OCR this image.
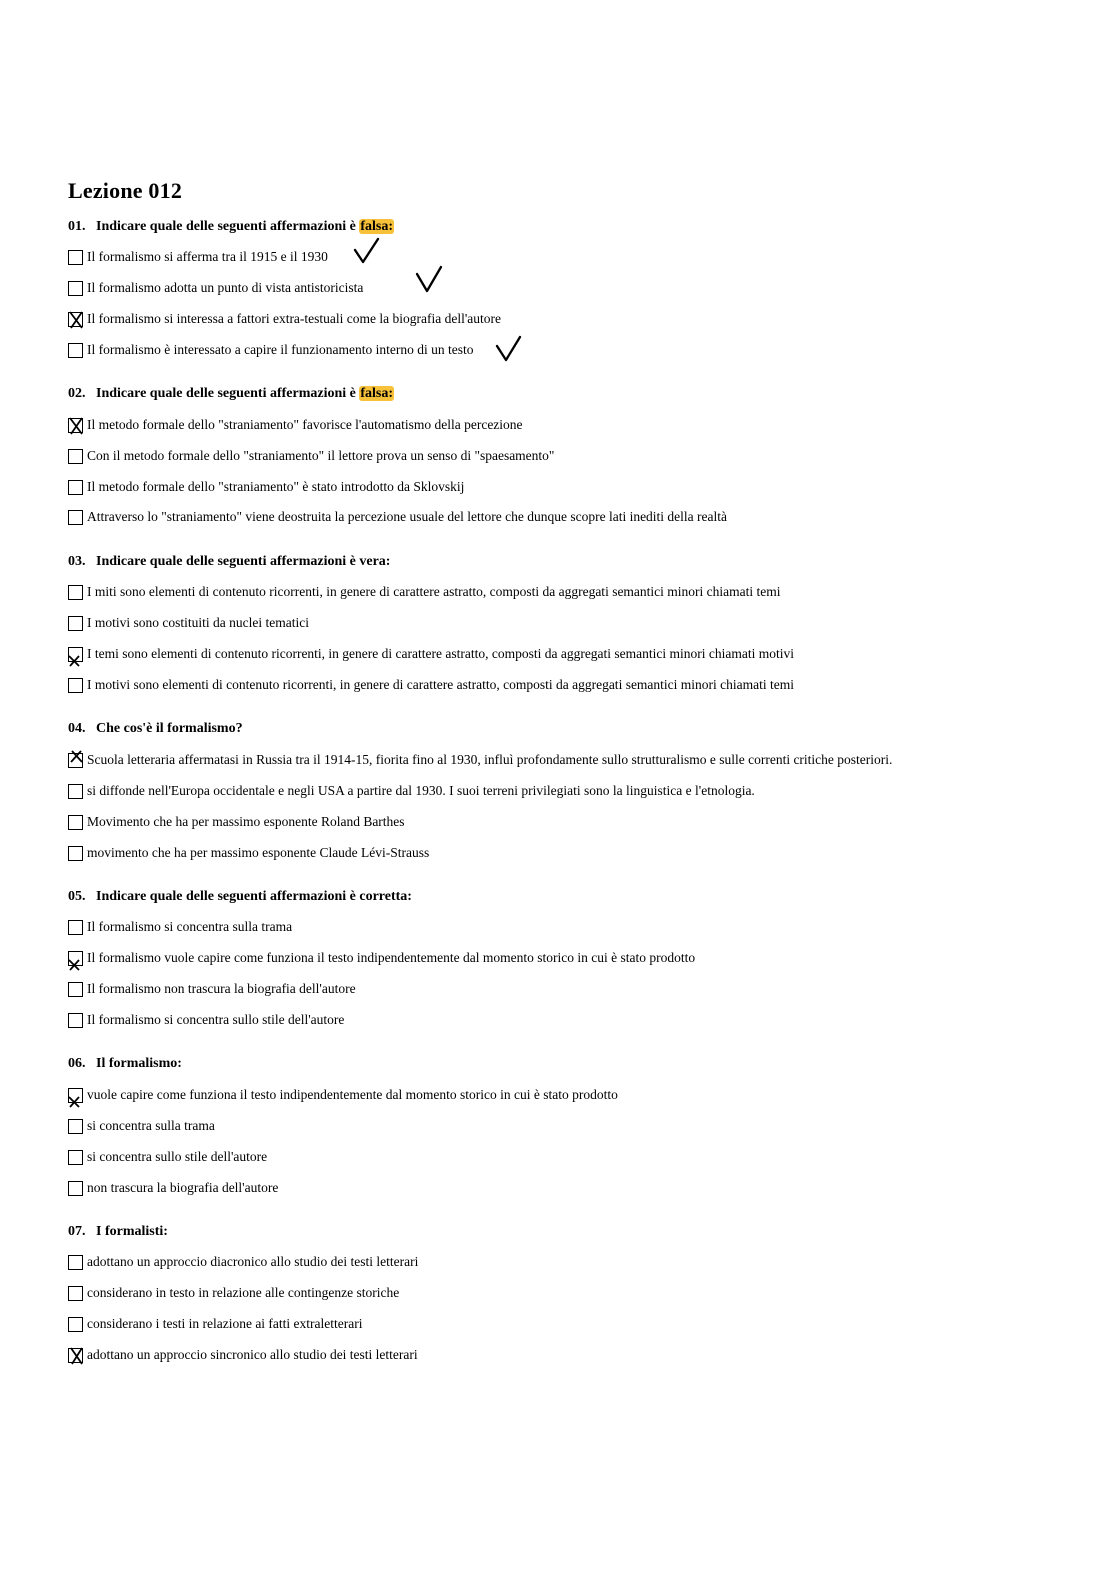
Lezione 012
01. Indicare quale delle seguenti affermazioni è falsa:
Il formalismo si afferma tra il 1915 e il 1930
Il formalismo adotta un punto di vista antistoricista
Il formalismo si interessa a fattori extra-testuali come la biografia dell'autore
Il formalismo è interessato a capire il funzionamento interno di un testo
02. Indicare quale delle seguenti affermazioni è falsa:
Il metodo formale dello "straniamento" favorisce l'automatismo della percezione
Con il metodo formale dello "straniamento" il lettore prova un senso di "spaesamento"
Il metodo formale dello "straniamento" è stato introdotto da Sklovskij
Attraverso lo "straniamento" viene deostruita la percezione usuale del lettore che dunque scopre lati inediti della realtà
03. Indicare quale delle seguenti affermazioni è vera:
I miti sono elementi di contenuto ricorrenti, in genere di carattere astratto, composti da aggregati semantici minori chiamati temi
I motivi sono costituiti da nuclei tematici
I temi sono elementi di contenuto ricorrenti, in genere di carattere astratto, composti da aggregati semantici minori chiamati motivi
I motivi sono elementi di contenuto ricorrenti, in genere di carattere astratto, composti da aggregati semantici minori chiamati temi
04. Che cos'è il formalismo?
Scuola letteraria affermatasi in Russia tra il 1914-15, fiorita fino al 1930, influì profondamente sullo strutturalismo e sulle correnti critiche posteriori.
si diffonde nell'Europa occidentale e negli USA a partire dal 1930. I suoi terreni privilegiati sono la linguistica e l'etnologia.
Movimento che ha per massimo esponente Roland Barthes
movimento che ha per massimo esponente Claude Lévi-Strauss
05. Indicare quale delle seguenti affermazioni è corretta:
Il formalismo si concentra sulla trama
Il formalismo vuole capire come funziona il testo indipendentemente dal momento storico in cui è stato prodotto
Il formalismo non trascura la biografia dell'autore
Il formalismo si concentra sullo stile dell'autore
06. Il formalismo:
vuole capire come funziona il testo indipendentemente dal momento storico in cui è stato prodotto
si concentra sulla trama
si concentra sullo stile dell'autore
non trascura la biografia dell'autore
07. I formalisti:
adottano un approccio diacronico allo studio dei testi letterari
considerano in testo in relazione alle contingenze storiche
considerano i testi in relazione ai fatti extraletterari
adottano un approccio sincronico allo studio dei testi letterari
